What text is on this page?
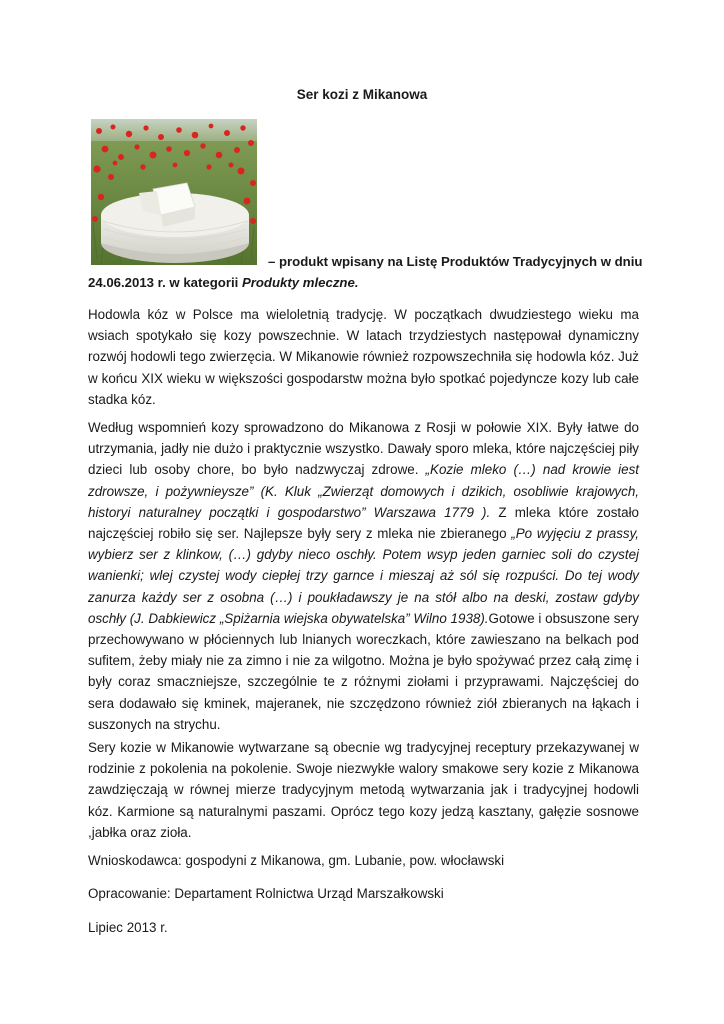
Ser kozi z Mikanowa
– produkt wpisany na Listę Produktów Tradycyjnych w dniu
24.06.2013 r. w kategorii Produkty mleczne.
Hodowla kóz w Polsce ma wieloletnią tradycję. W początkach dwudziestego wieku ma wsiach spotykało się kozy powszechnie. W latach trzydziestych następował dynamiczny rozwój hodowli tego zwierzęcia. W Mikanowie również rozpowszechniła się hodowla kóz. Już w końcu XIX wieku w większości gospodarstw można było spotkać pojedyncze kozy lub całe stadka kóz.
Według wspomnień kozy sprowadzono do Mikanowa z Rosji w połowie XIX. Były łatwe do utrzymania, jadły nie dużo i praktycznie wszystko. Dawały sporo mleka, które najczęściej piły dzieci lub osoby chore, bo było nadzwyczaj zdrowe. „Kozie mleko (…) nad krowie iest zdrowsze, i pożywnieysze” (K. Kluk „Zwierząt domowych i dzikich, osobliwie krajowych, historyi naturalney początki i gospodarstwo” Warszawa 1779 ). Z mleka które zostało najczęściej robiło się ser. Najlepsze były sery z mleka nie zbieranego „Po wyjęciu z prassy, wybierz ser z klinkow, (…) gdyby nieco oschły. Potem wsyp jeden garniec soli do czystej wanienki; wlej czystej wody ciepłej trzy garnce i mieszaj aż sól się rozpuści. Do tej wody zanurza każdy ser z osobna (…) i poukładawszy je na stół albo na deski, zostaw gdyby oschły (J. Dabkiewicz „Spiżarnia wiejska obywatelska” Wilno 1938).Gotowe i obsuszone sery przechowywano w płóciennych lub lnianych woreczkach, które zawieszano na belkach pod sufitem, żeby miały nie za zimno i nie za wilgotno. Można je było spożywać przez całą zimę i były coraz smaczniejsze, szczególnie te z różnymi ziołami i przyprawami. Najczęściej do sera dodawało się kminek, majeranek, nie szczędzono również ziół zbieranych na łąkach i suszonych na strychu.
Sery kozie w Mikanowie wytwarzane są obecnie wg tradycyjnej receptury przekazywanej w rodzinie z pokolenia na pokolenie. Swoje niezwykłe walory smakowe sery kozie z Mikanowa zawdzięczają w równej mierze tradycyjnym metodą wytwarzania jak i tradycyjnej hodowli kóz. Karmione są naturalnymi paszami. Oprócz tego kozy jedzą kasztany, gałęzie sosnowe ,jabłka oraz zioła.
Wnioskodawca: gospodyni z Mikanowa, gm. Lubanie, pow. włocławski
Opracowanie: Departament Rolnictwa Urząd Marszałkowski
Lipiec 2013 r.
